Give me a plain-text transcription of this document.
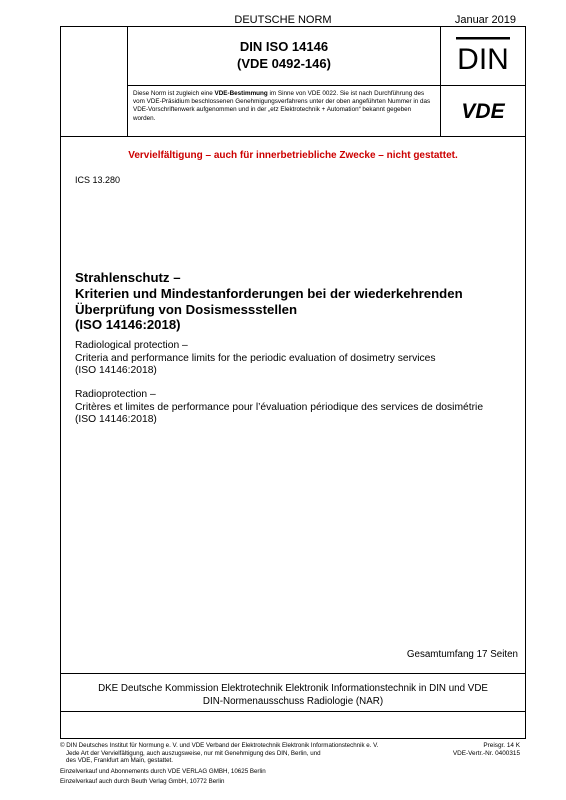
DEUTSCHE NORM	Januar 2019
DIN ISO 14146
(VDE 0492-146)	DIN
VDE
Diese Norm ist zugleich eine VDE-Bestimmung im Sinne von VDE 0022. Sie ist nach Durchführung des vom VDE-Präsidium beschlossenen Genehmigungsverfahrens unter der oben angeführten Nummer in das VDE-Vorschriftenwerk aufgenommen und in der „etz Elektrotechnik + Automation“ bekannt gegeben worden.
Vervielfältigung – auch für innerbetriebliche Zwecke – nicht gestattet.
ICS 13.280
Strahlenschutz –
Kriterien und Mindestanforderungen bei der wiederkehrenden
Überprüfung von Dosismessstellen
(ISO 14146:2018)
Radiological protection –
Criteria and performance limits for the periodic evaluation of dosimetry services
(ISO 14146:2018)
Radioprotection –
Critères et limites de performance pour l’évaluation périodique des services de dosimétrie
(ISO 14146:2018)
Gesamtumfang 17 Seiten
DKE Deutsche Kommission Elektrotechnik Elektronik Informationstechnik in DIN und VDE
DIN-Normenausschuss Radiologie (NAR)
© DIN Deutsches Institut für Normung e. V. und VDE Verband der Elektrotechnik Elektronik Informationstechnik e. V.
Jede Art der Vervielfältigung, auch auszugsweise, nur mit Genehmigung des DIN, Berlin, und
des VDE, Frankfurt am Main, gestattet.
Preisgr. 14 K
VDE-Vertr.-Nr. 0400315
Einzelverkauf und Abonnements durch VDE VERLAG GMBH, 10625 Berlin
Einzelverkauf auch durch Beuth Verlag GmbH, 10772 Berlin
